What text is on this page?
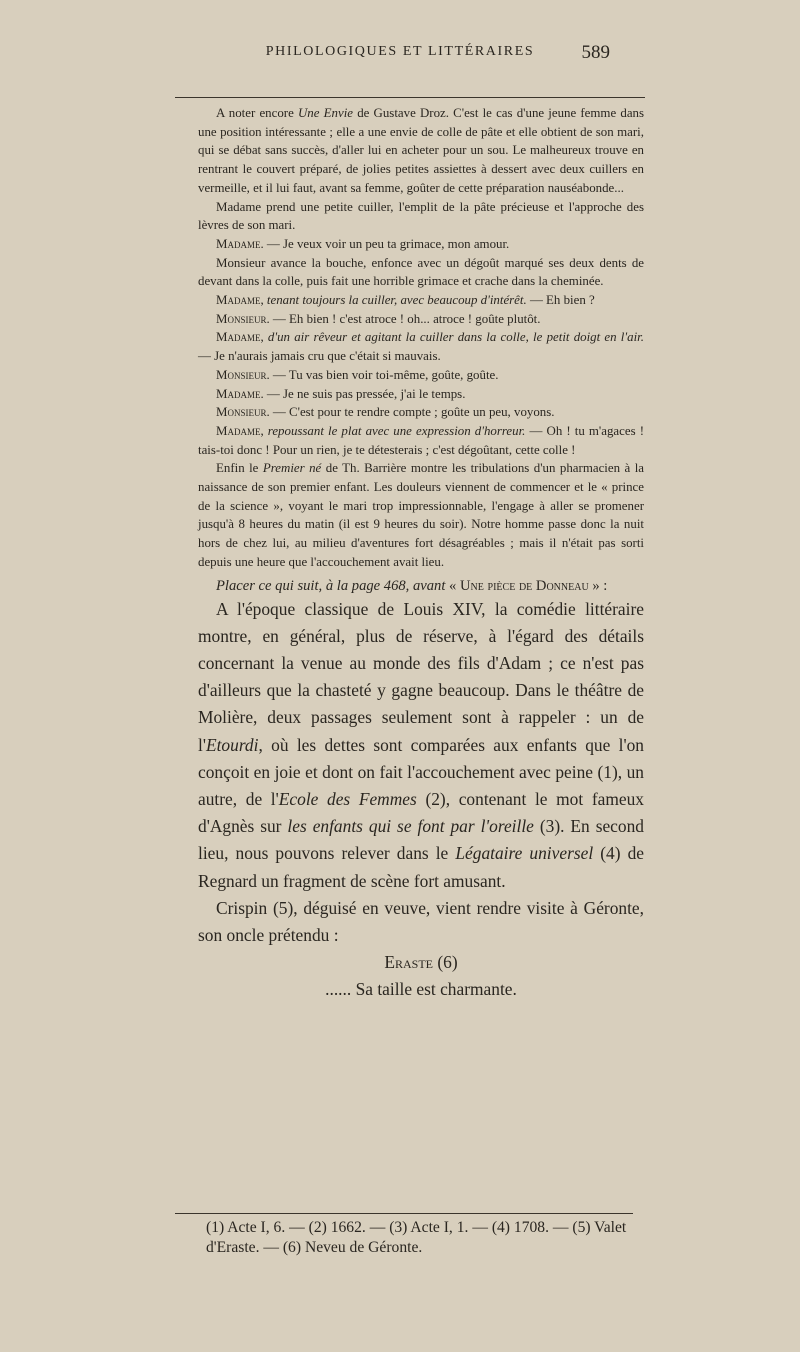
PHILOLOGIQUES ET LITTÉRAIRES	589

A noter encore Une Envie de Gustave Droz. C'est le cas d'une jeune femme dans une position intéressante ; elle a une envie de colle de pâte et elle obtient de son mari, qui se débat sans succès, d'aller lui en acheter pour un sou. Le malheureux trouve en rentrant le couvert préparé, de jolies petites assiettes à dessert avec deux cuillers en vermeille, et il lui faut, avant sa femme, goûter de cette préparation nauséabonde...

Madame prend une petite cuiller, l'emplit de la pâte précieuse et l'approche des lèvres de son mari.

Madame. — Je veux voir un peu ta grimace, mon amour.

Monsieur avance la bouche, enfonce avec un dégoût marqué ses deux dents de devant dans la colle, puis fait une horrible grimace et crache dans la cheminée.

Madame, tenant toujours la cuiller, avec beaucoup d'intérêt. — Eh bien ?

Monsieur. — Eh bien ! c'est atroce ! oh... atroce ! goûte plutôt.

Madame, d'un air rêveur et agitant la cuiller dans la colle, le petit doigt en l'air. — Je n'aurais jamais cru que c'était si mauvais.

Monsieur. — Tu vas bien voir toi-même, goûte, goûte.

Madame. — Je ne suis pas pressée, j'ai le temps.

Monsieur. — C'est pour te rendre compte ; goûte un peu, voyons.

Madame, repoussant le plat avec une expression d'horreur. — Oh ! tu m'agaces ! tais-toi donc ! Pour un rien, je te détesterais ; c'est dégoûtant, cette colle !

Enfin le Premier né de Th. Barrière montre les tribulations d'un pharmacien à la naissance de son premier enfant. Les douleurs viennent de commencer et le « prince de la science », voyant le mari trop impressionnable, l'engage à aller se promener jusqu'à 8 heures du matin (il est 9 heures du soir). Notre homme passe donc la nuit hors de chez lui, au milieu d'aventures fort désagréables ; mais il n'était pas sorti depuis une heure que l'accouchement avait lieu.

Placer ce qui suit, à la page 468, avant « Une pièce de Donneau » :

A l'époque classique de Louis XIV, la comédie littéraire montre, en général, plus de réserve, à l'égard des détails concernant la venue au monde des fils d'Adam ; ce n'est pas d'ailleurs que la chasteté y gagne beaucoup. Dans le théâtre de Molière, deux passages seulement sont à rappeler : un de l'Etourdi, où les dettes sont comparées aux enfants que l'on conçoit en joie et dont on fait l'accouchement avec peine (1), un autre, de l'Ecole des Femmes (2), contenant le mot fameux d'Agnès sur les enfants qui se font par l'oreille (3). En second lieu, nous pouvons relever dans le Légataire universel (4) de Regnard un fragment de scène fort amusant.

Crispin (5), déguisé en veuve, vient rendre visite à Géronte, son oncle prétendu :

Eraste (6)

...... Sa taille est charmante.

(1) Acte I, 6. — (2) 1662. — (3) Acte I, 1. — (4) 1708. — (5) Valet d'Eraste. — (6) Neveu de Géronte.
